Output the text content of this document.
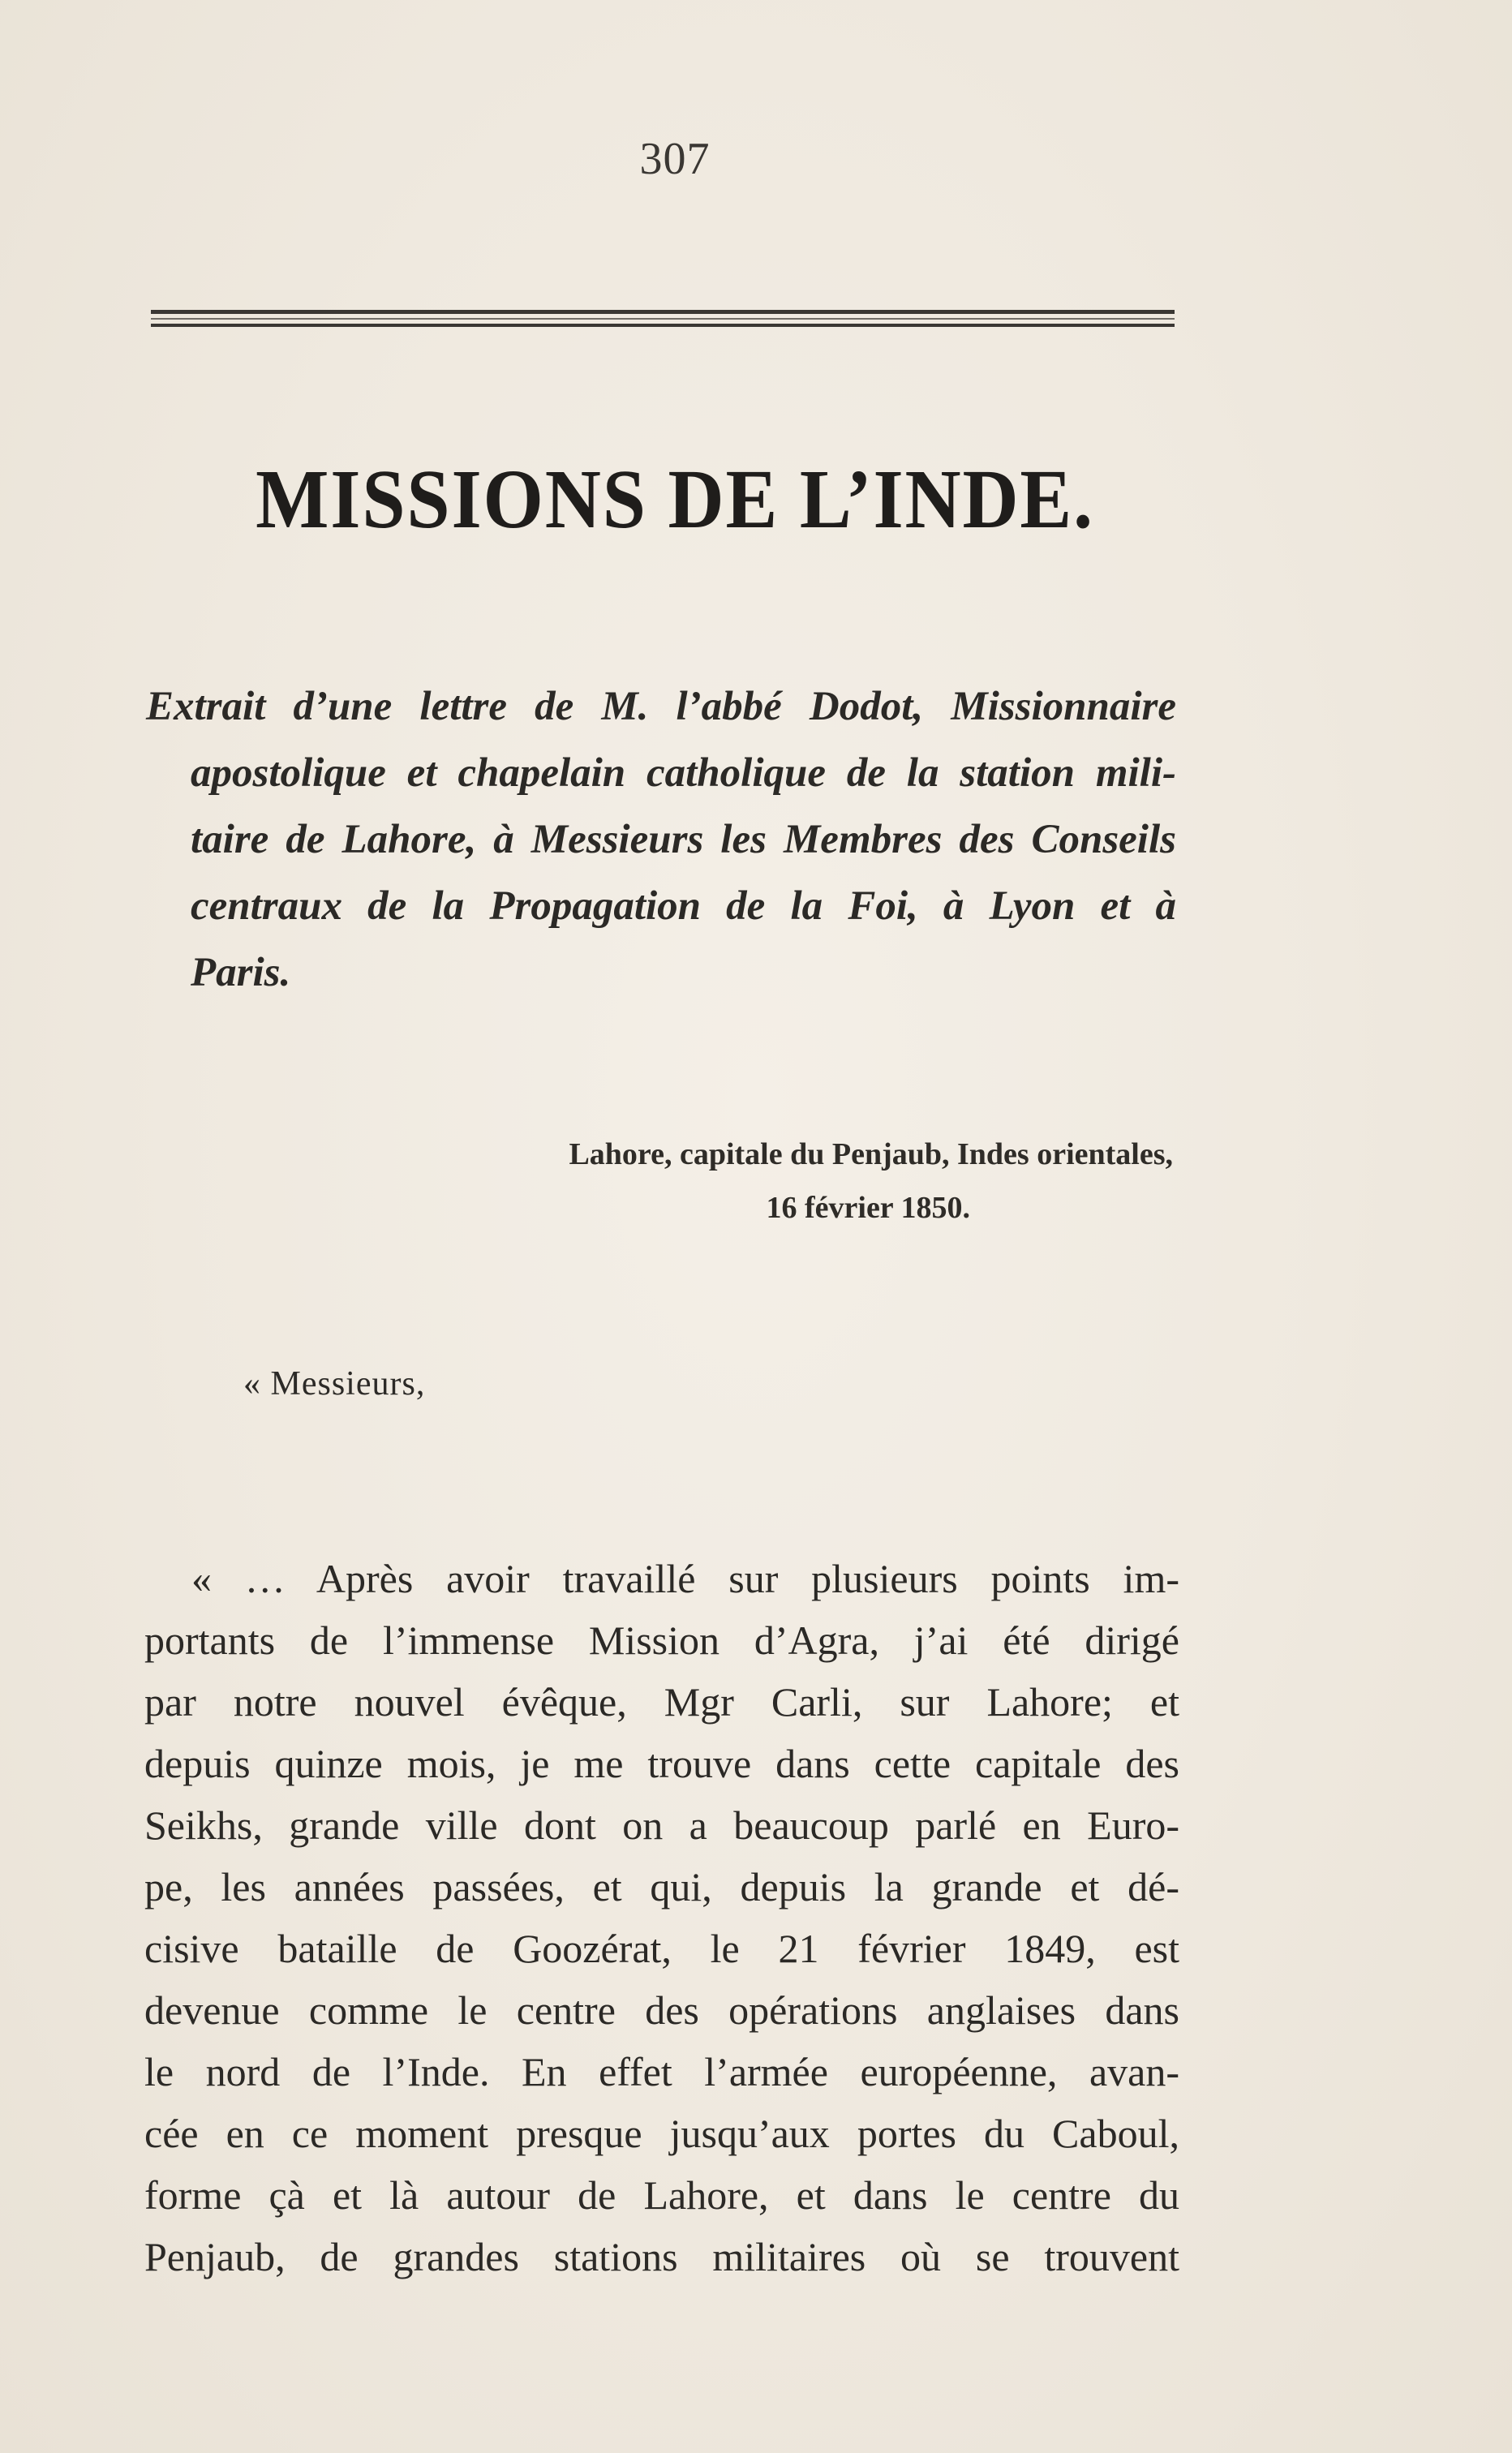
307
MISSIONS DE L’INDE.
Extrait d’une lettre de M. l’abbé Dodot, Missionnaire
apostolique et chapelain catholique de la station mili-
taire de Lahore, à Messieurs les Membres des Conseils
centraux de la Propagation de la Foi, à Lyon et à
Paris.
Lahore, capitale du Penjaub, Indes orientales,
16 février 1850.
« Messieurs,
« … Après avoir travaillé sur plusieurs points im-
portants de l’immense Mission d’Agra, j’ai été dirigé
par notre nouvel évêque, Mgr Carli, sur Lahore; et
depuis quinze mois, je me trouve dans cette capitale des
Seikhs, grande ville dont on a beaucoup parlé en Euro-
pe, les années passées, et qui, depuis la grande et dé-
cisive bataille de Goozérat, le 21 février 1849, est
devenue comme le centre des opérations anglaises dans
le nord de l’Inde. En effet l’armée européenne, avan-
cée en ce moment presque jusqu’aux portes du Caboul,
forme çà et là autour de Lahore, et dans le centre du
Penjaub, de grandes stations militaires où se trouvent
